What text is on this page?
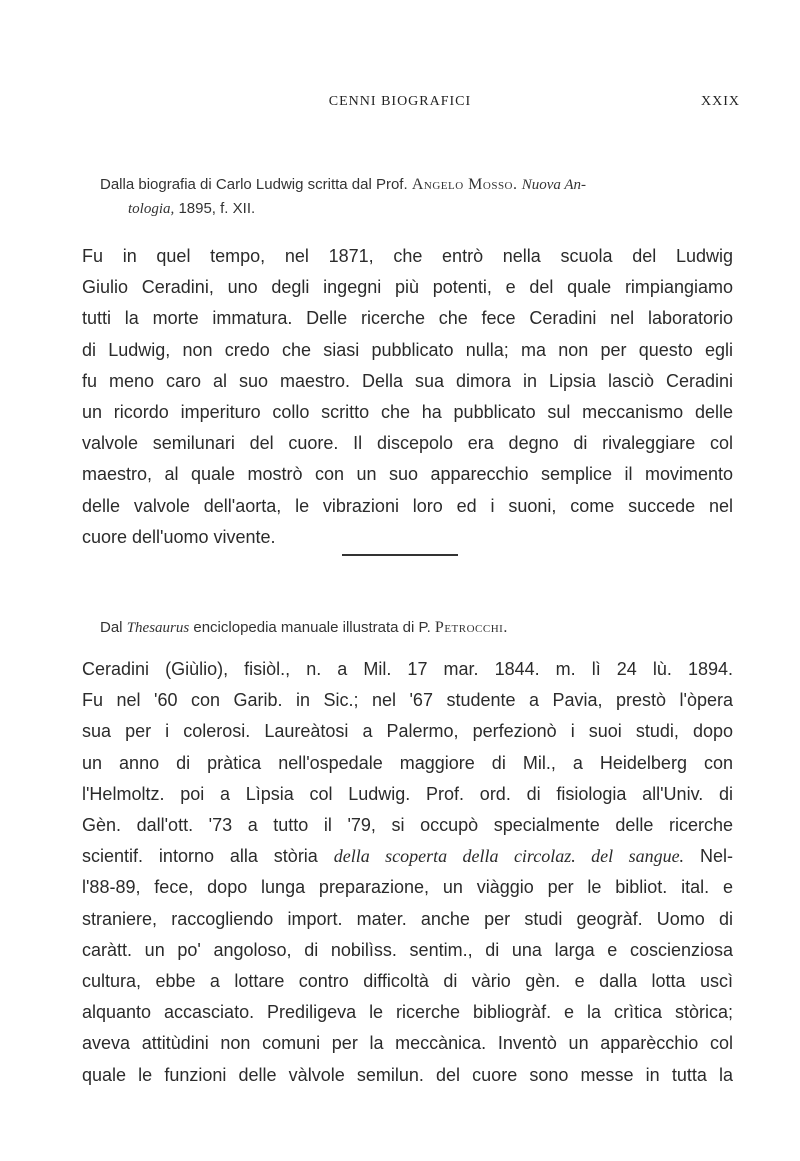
CENNI BIOGRAFICI	XXIX
Dalla biografia di Carlo Ludwig scritta dal Prof. Angelo Mosso. Nuova An-
tologia, 1895, f. XII.
Fu in quel tempo, nel 1871, che entrò nella scuola del Ludwig
Giulio Ceradini, uno degli ingegni più potenti, e del quale rimpiangiamo
tutti la morte immatura. Delle ricerche che fece Ceradini nel laboratorio
di Ludwig, non credo che siasi pubblicato nulla; ma non per questo egli
fu meno caro al suo maestro. Della sua dimora in Lipsia lasciò Ceradini
un ricordo imperituro collo scritto che ha pubblicato sul meccanismo delle
valvole semilunari del cuore. Il discepolo era degno di rivaleggiare col
maestro, al quale mostrò con un suo apparecchio semplice il movimento
delle valvole dell'aorta, le vibrazioni loro ed i suoni, come succede nel
cuore dell'uomo vivente.
Dal Thesaurus enciclopedia manuale illustrata di P. Petrocchi.
Ceradini (Giùlio), fisiòl., n. a Mil. 17 mar. 1844. m. lì 24 lù. 1894.
Fu nel '60 con Garib. in Sic.; nel '67 studente a Pavia, prestò l'òpera
sua per i colerosi. Laureàtosi a Palermo, perfezionò i suoi studi, dopo
un anno di pràtica nell'ospedale maggiore di Mil., a Heidelberg con
l'Helmoltz. poi a Lìpsia col Ludwig. Prof. ord. di fisiologia all'Univ. di
Gèn. dall'ott. '73 a tutto il '79, si occupò specialmente delle ricerche
scientif. intorno alla stòria della scoperta della circolaz. del sangue. Nel-
l'88-89, fece, dopo lunga preparazione, un viàggio per le bibliot. ital. e
straniere, raccogliendo import. mater. anche per studi geogràf. Uomo di
caràtt. un po' angoloso, di nobilìss. sentim., di una larga e coscienziosa
cultura, ebbe a lottare contro difficoltà di vàrio gèn. e dalla lotta uscì
alquanto accasciato. Prediligeva le ricerche bibliogràf. e la crìtica stòrica;
aveva attitùdini non comuni per la meccànica. Inventò un apparècchio col
quale le funzioni delle vàlvole semilun. del cuore sono messe in tutta la
